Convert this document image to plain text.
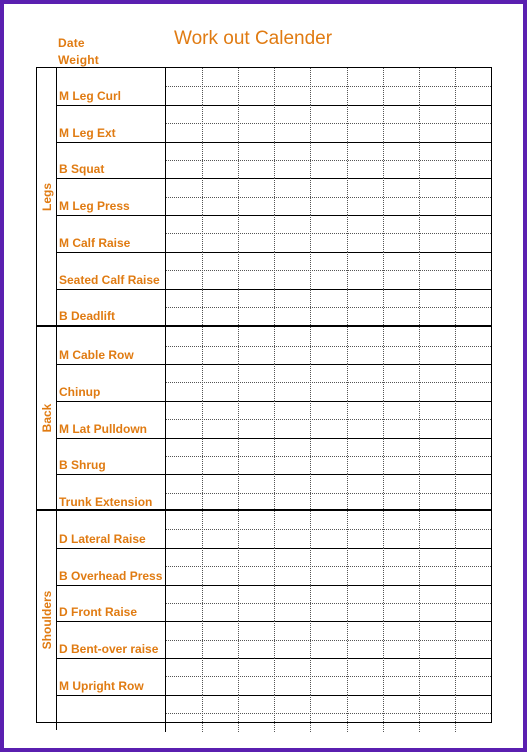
Date
Weight
Work out Calender
Legs
M Leg Curl
M Leg Ext
B Squat
M Leg Press
M Calf Raise
Seated Calf Raise
B Deadlift
Back
M Cable Row
Chinup
M Lat Pulldown
B Shrug
Trunk Extension
Shoulders
D Lateral Raise
B Overhead Press
D Front Raise
D Bent-over raise
M Upright Row
